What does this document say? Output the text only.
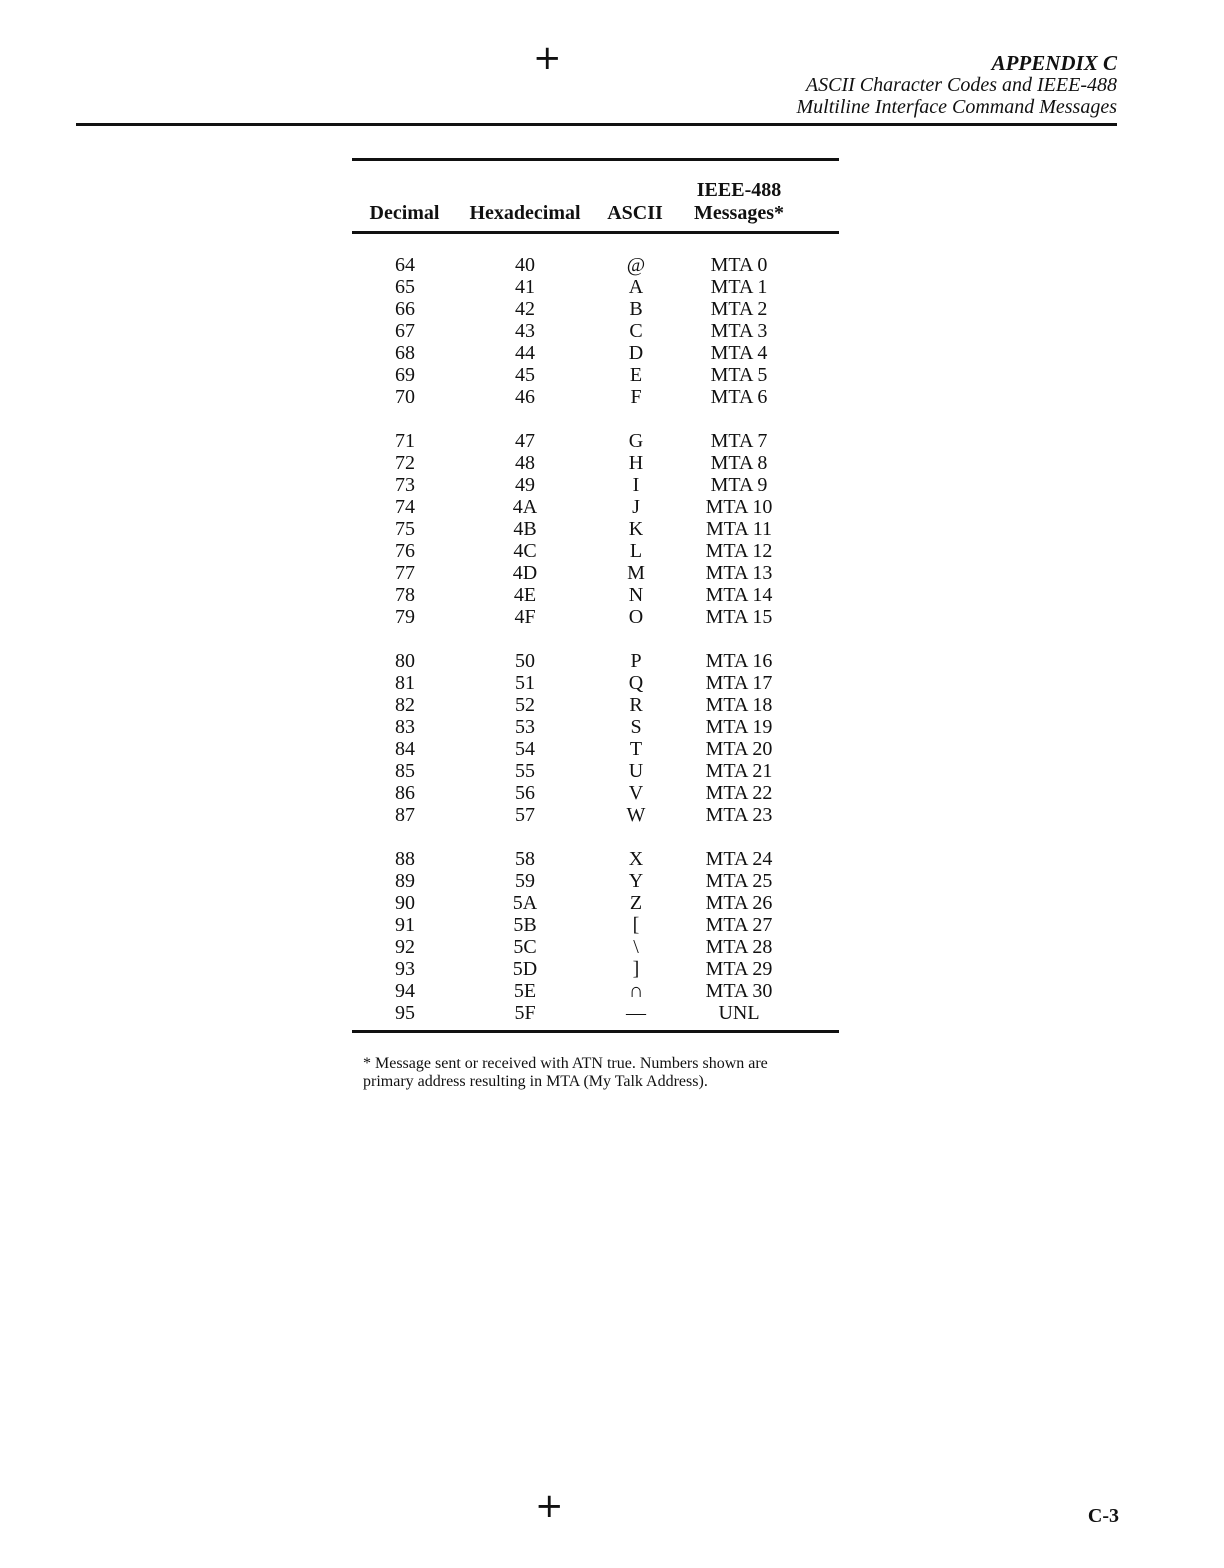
+	APPENDIX C
ASCII Character Codes and IEEE-488
Multiline Interface Command Messages
Decimal	Hexadecimal	ASCII
IEEE-488
Messages*
64	40	@	MTA 0
65	41	A	MTA 1
66	42	B	MTA 2
67	43	C	MTA 3
68	44	D	MTA 4
69	45	E	MTA 5
70	46	F	MTA 6
71	47	G	MTA 7
72	48	H	MTA 8
73	49	I	MTA 9
74	4A	J	MTA 10
75	4B	K	MTA 11
76	4C	L	MTA 12
77	4D	M	MTA 13
78	4E	N	MTA 14
79	4F	O	MTA 15
80	50	P	MTA 16
81	51	Q	MTA 17
82	52	R	MTA 18
83	53	S	MTA 19
84	54	T	MTA 20
85	55	U	MTA 21
86	56	V	MTA 22
87	57	W	MTA 23
88	58	X	MTA 24
89	59	Y	MTA 25
90	5A	Z	MTA 26
91	5B	[	MTA 27
92	5C	\	MTA 28
93	5D	]	MTA 29
94	5E	∩	MTA 30
95	5F	—	UNL
* Message sent or received with ATN true. Numbers shown are
primary address resulting in MTA (My Talk Address).
+	C-3
